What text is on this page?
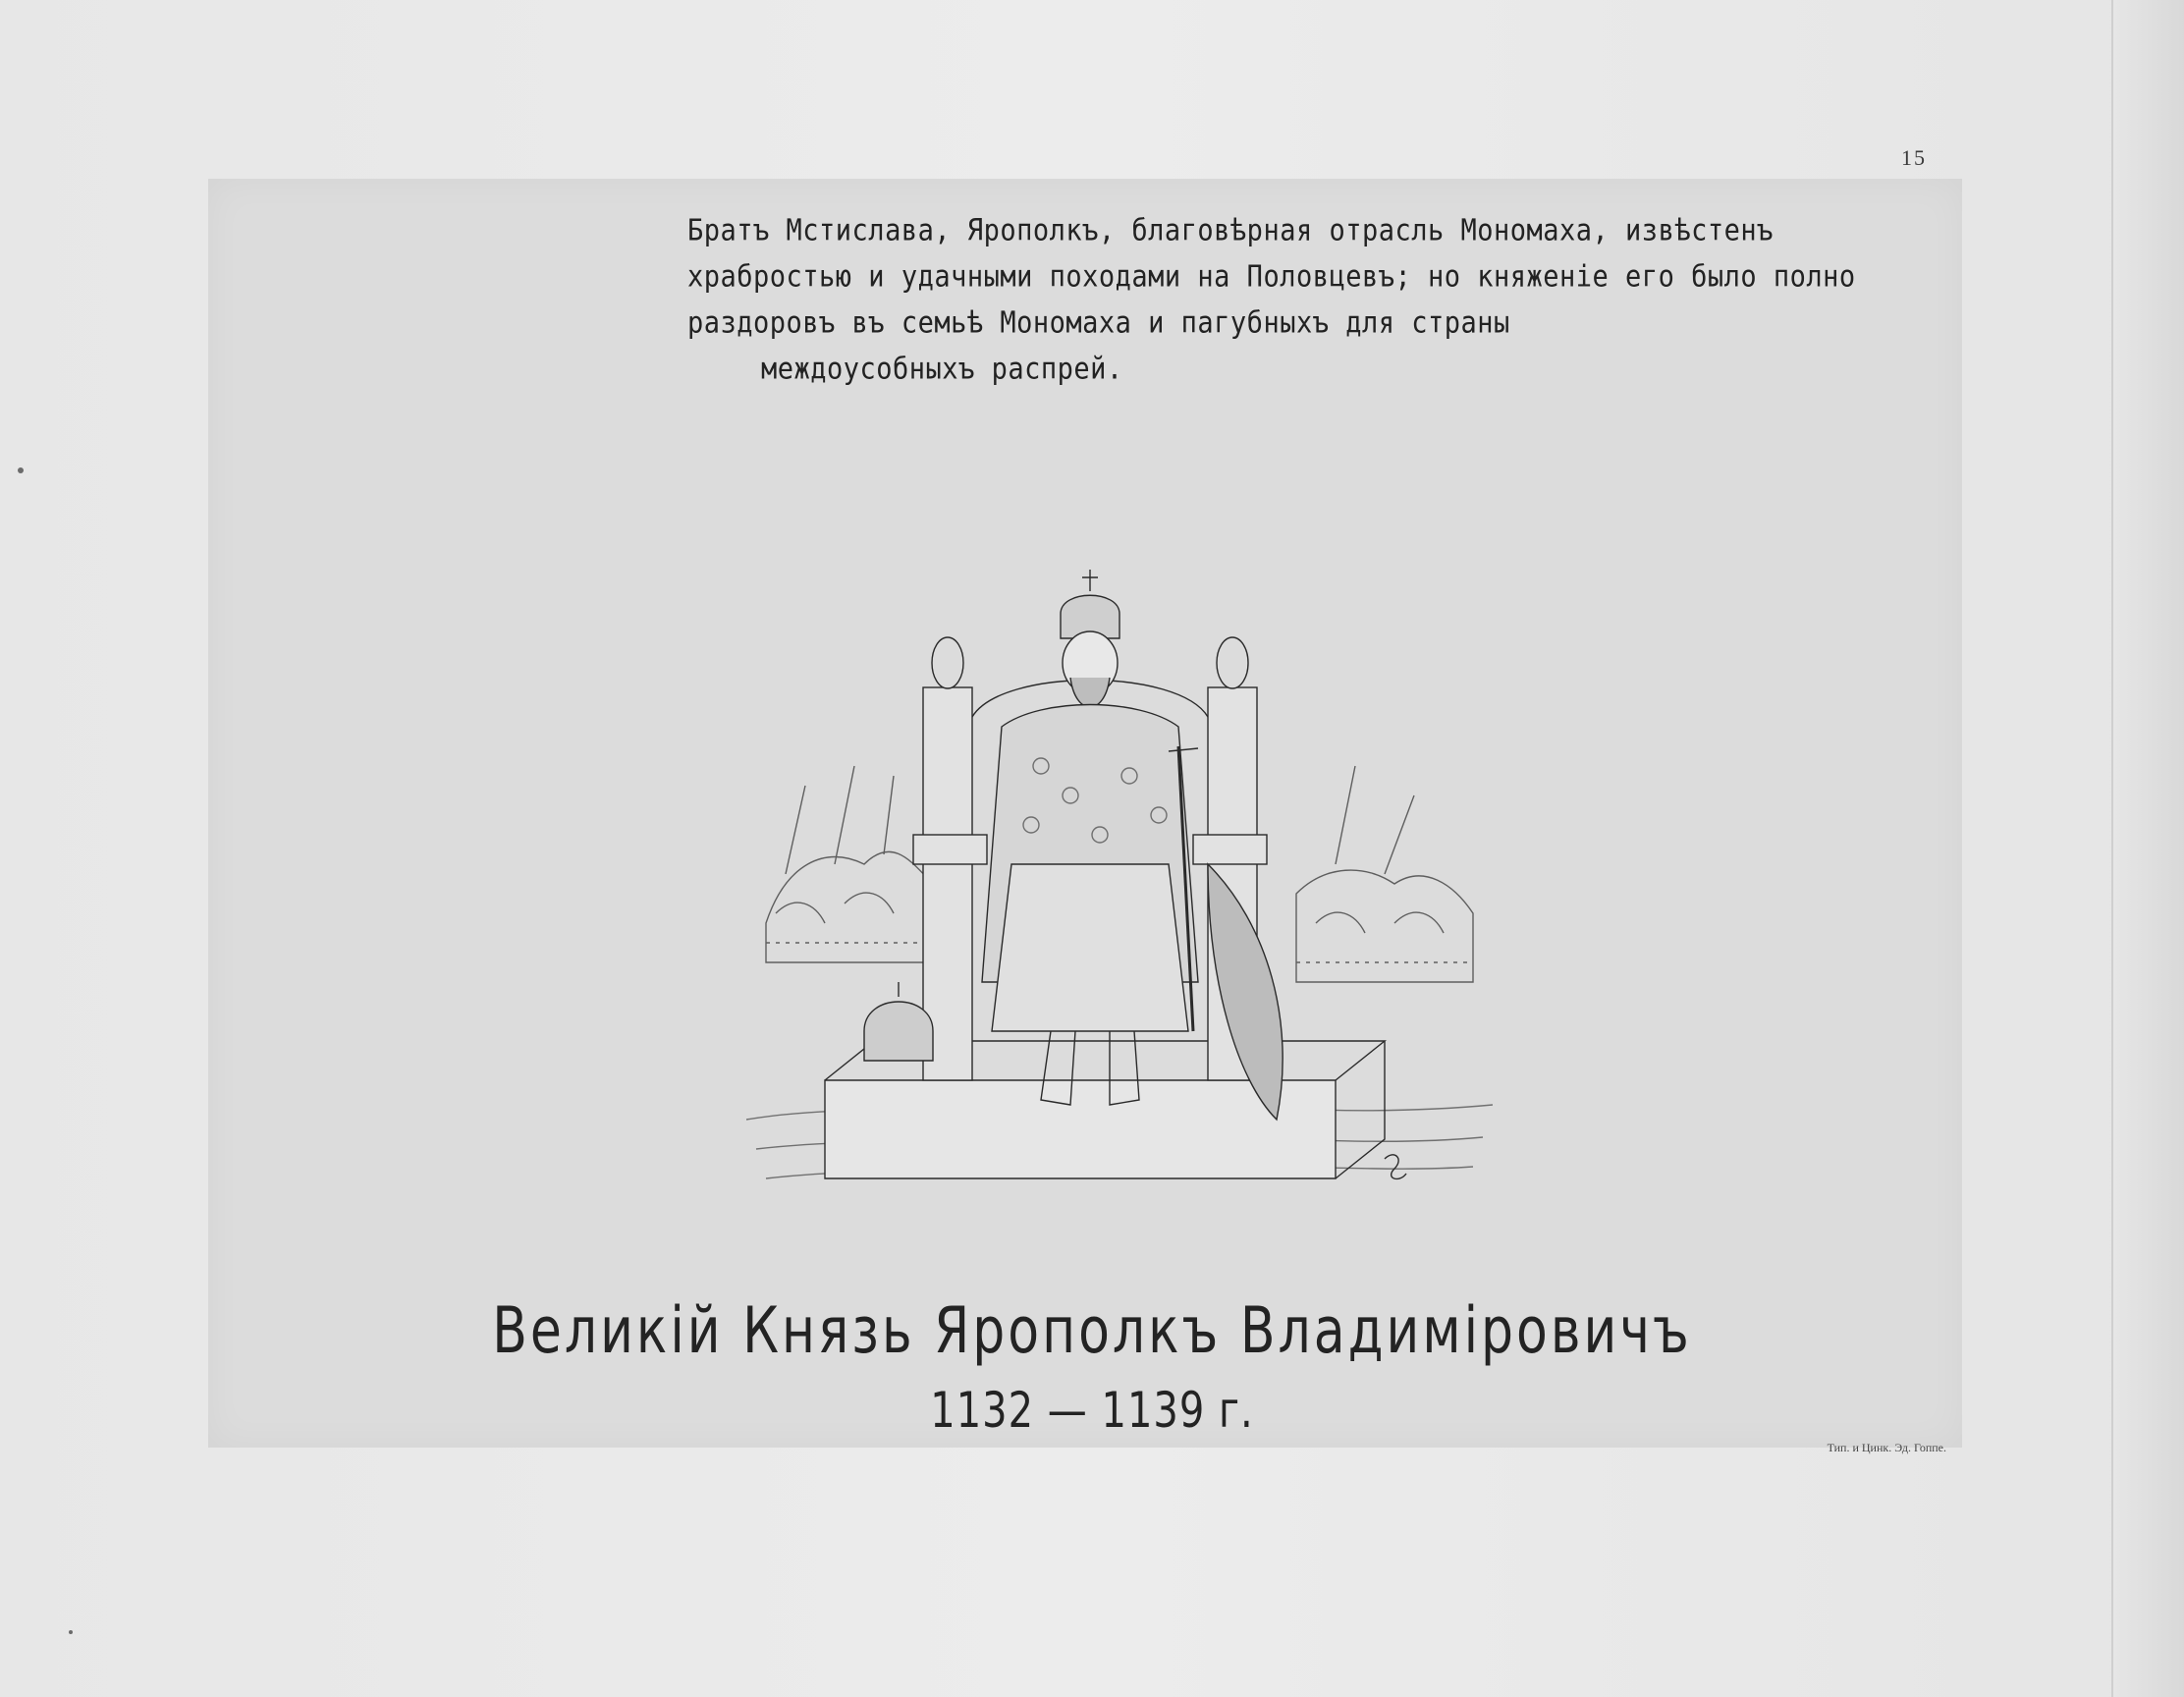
15
Братъ Мстислава, Ярополкъ, благовѣрная отрасль Мономаха, извѣстенъ
храбростью и удачными походами на Половцевъ; но княженіе его было полно
раздоровъ въ семьѣ Мономаха и пагубныхъ для страны
междоусобныхъ распрей.
Великій Князь Ярополкъ Владиміровичъ
1132 — 1139 г.
Тип. и Цинк. Эд. Гоппе.
